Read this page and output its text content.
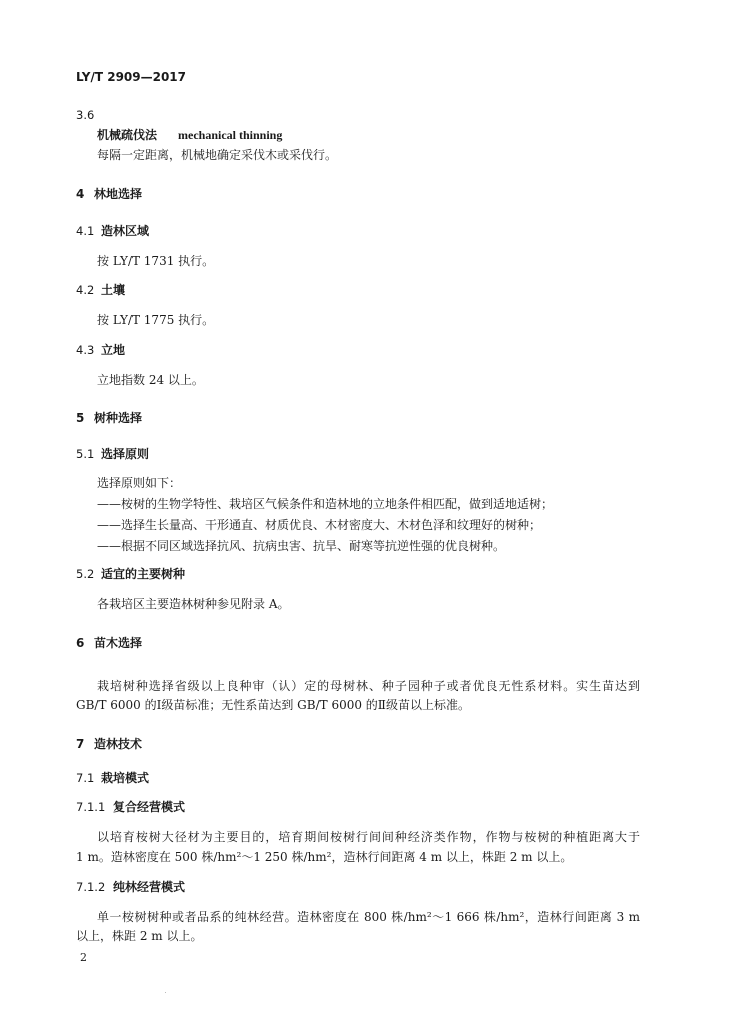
LY/T 2909—2017
3.6
机械疏伐法 mechanical thinning
每隔一定距离，机械地确定采伐木或采伐行。
4 林地选择
4.1 造林区域
按 LY/T 1731 执行。
4.2 土壤
按 LY/T 1775 执行。
4.3 立地
立地指数 24 以上。
5 树种选择
5.1 选择原则
选择原则如下：
——桉树的生物学特性、栽培区气候条件和造林地的立地条件相匹配，做到适地适树；
——选择生长量高、干形通直、材质优良、木材密度大、木材色泽和纹理好的树种；
——根据不同区域选择抗风、抗病虫害、抗旱、耐寒等抗逆性强的优良树种。
5.2 适宜的主要树种
各栽培区主要造林树种参见附录 A。
6 苗木选择
栽培树种选择省级以上良种审（认）定的母树林、种子园种子或者优良无性系材料。实生苗达到
GB/T 6000 的Ⅰ级苗标准；无性系苗达到 GB/T 6000 的Ⅱ级苗以上标准。
7 造林技术
7.1 栽培模式
7.1.1 复合经营模式
以培育桉树大径材为主要目的，培育期间桉树行间间种经济类作物，作物与桉树的种植距离大于
1 m。造林密度在 500 株/hm²～1 250 株/hm²，造林行间距离 4 m 以上，株距 2 m 以上。
7.1.2 纯林经营模式
单一桉树树种或者品系的纯林经营。造林密度在 800 株/hm²～1 666 株/hm²，造林行间距离 3 m
以上，株距 2 m 以上。
2
